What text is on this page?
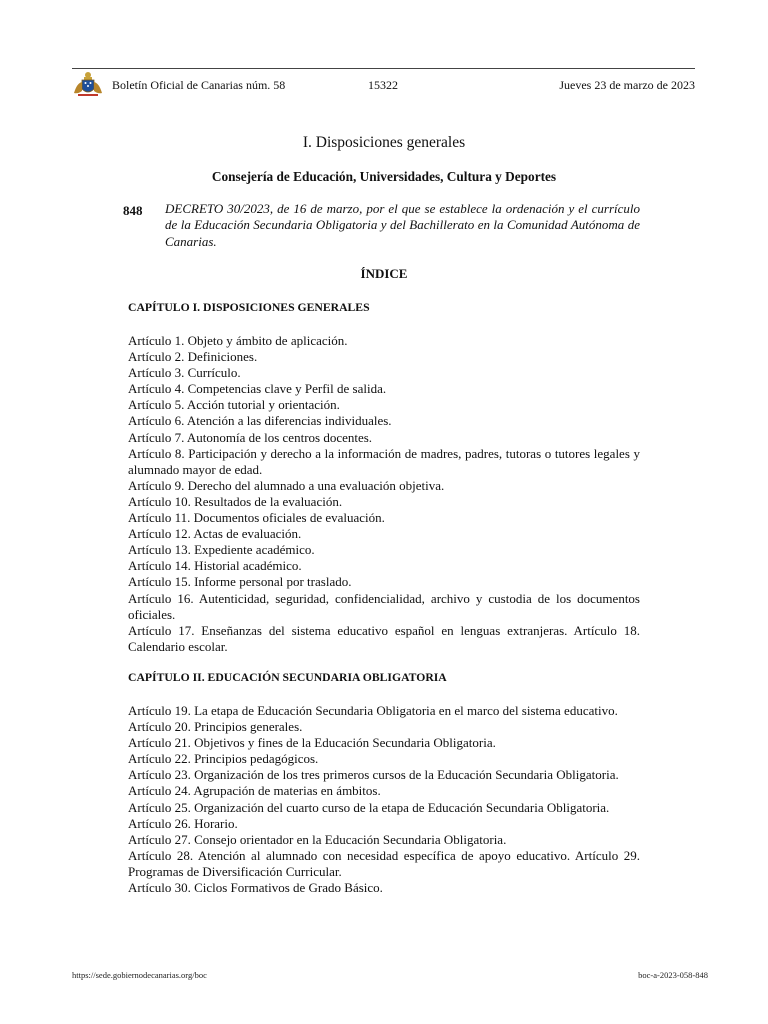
Boletín Oficial de Canarias núm. 58	15322	Jueves 23 de marzo de 2023
I. Disposiciones generales
Consejería de Educación, Universidades, Cultura y Deportes
848 DECRETO 30/2023, de 16 de marzo, por el que se establece la ordenación y el currículo de la Educación Secundaria Obligatoria y del Bachillerato en la Comunidad Autónoma de Canarias.
ÍNDICE
CAPÍTULO I. DISPOSICIONES GENERALES
Artículo 1. Objeto y ámbito de aplicación.
Artículo 2. Definiciones.
Artículo 3. Currículo.
Artículo 4. Competencias clave y Perfil de salida.
Artículo 5. Acción tutorial y orientación.
Artículo 6. Atención a las diferencias individuales.
Artículo 7. Autonomía de los centros docentes.
Artículo 8. Participación y derecho a la información de madres, padres, tutoras o tutores legales y alumnado mayor de edad.
Artículo 9. Derecho del alumnado a una evaluación objetiva.
Artículo 10. Resultados de la evaluación.
Artículo 11. Documentos oficiales de evaluación.
Artículo 12. Actas de evaluación.
Artículo 13. Expediente académico.
Artículo 14. Historial académico.
Artículo 15. Informe personal por traslado.
Artículo 16. Autenticidad, seguridad, confidencialidad, archivo y custodia de los documentos oficiales.
Artículo 17. Enseñanzas del sistema educativo español en lenguas extranjeras. Artículo 18. Calendario escolar.
CAPÍTULO II. EDUCACIÓN SECUNDARIA OBLIGATORIA
Artículo 19. La etapa de Educación Secundaria Obligatoria en el marco del sistema educativo.
Artículo 20. Principios generales.
Artículo 21. Objetivos y fines de la Educación Secundaria Obligatoria.
Artículo 22. Principios pedagógicos.
Artículo 23. Organización de los tres primeros cursos de la Educación Secundaria Obligatoria.
Artículo 24. Agrupación de materias en ámbitos.
Artículo 25. Organización del cuarto curso de la etapa de Educación Secundaria Obligatoria.
Artículo 26. Horario.
Artículo 27. Consejo orientador en la Educación Secundaria Obligatoria.
Artículo 28. Atención al alumnado con necesidad específica de apoyo educativo. Artículo 29. Programas de Diversificación Curricular.
Artículo 30. Ciclos Formativos de Grado Básico.
https://sede.gobiernodecanarias.org/boc	boc-a-2023-058-848
